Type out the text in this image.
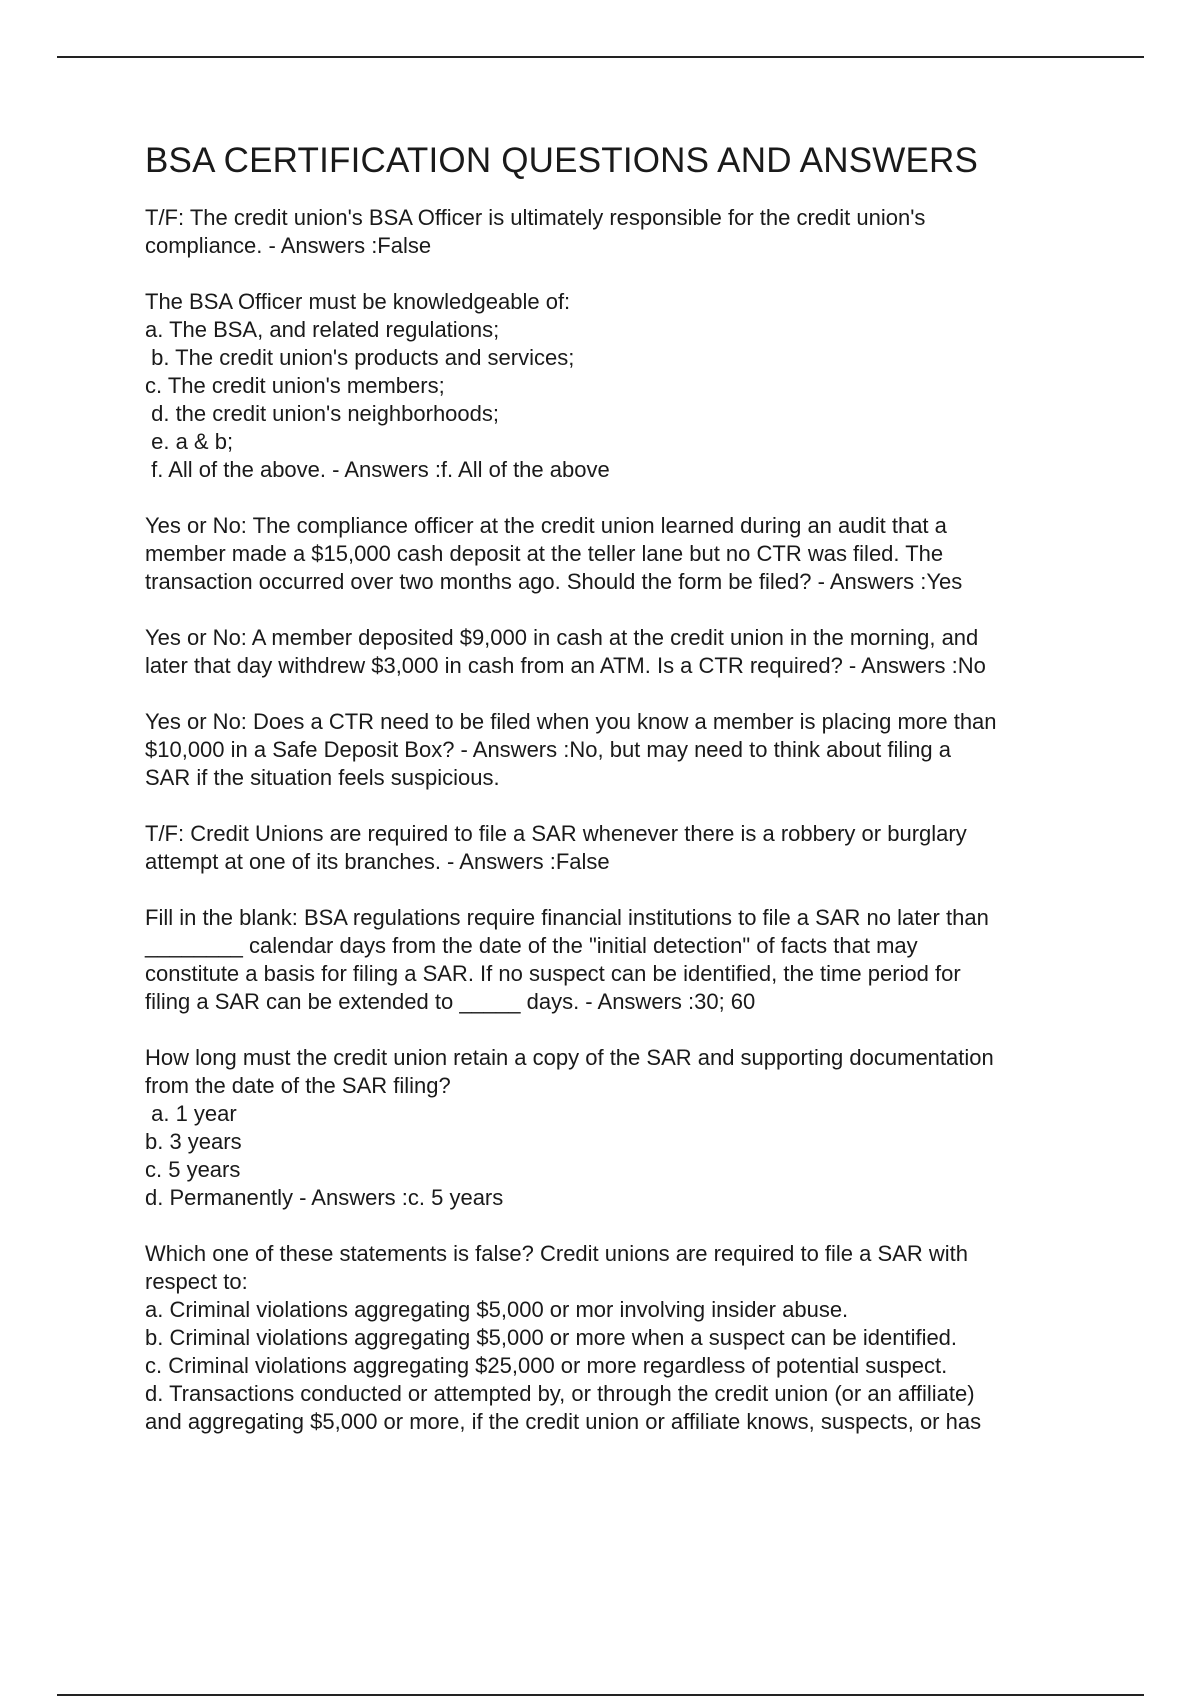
BSA CERTIFICATION QUESTIONS AND ANSWERS
T/F: The credit union's BSA Officer is ultimately responsible for the credit union's
compliance. - Answers :False
The BSA Officer must be knowledgeable of:
a. The BSA, and related regulations;
b. The credit union's products and services;
c. The credit union's members;
d. the credit union's neighborhoods;
e. a & b;
f. All of the above. - Answers :f. All of the above
Yes or No: The compliance officer at the credit union learned during an audit that a
member made a $15,000 cash deposit at the teller lane but no CTR was filed. The
transaction occurred over two months ago. Should the form be filed? - Answers :Yes
Yes or No: A member deposited $9,000 in cash at the credit union in the morning, and
later that day withdrew $3,000 in cash from an ATM. Is a CTR required? - Answers :No
Yes or No: Does a CTR need to be filed when you know a member is placing more than
$10,000 in a Safe Deposit Box? - Answers :No, but may need to think about filing a
SAR if the situation feels suspicious.
T/F: Credit Unions are required to file a SAR whenever there is a robbery or burglary
attempt at one of its branches. - Answers :False
Fill in the blank: BSA regulations require financial institutions to file a SAR no later than
________ calendar days from the date of the "initial detection" of facts that may
constitute a basis for filing a SAR. If no suspect can be identified, the time period for
filing a SAR can be extended to _____ days. - Answers :30; 60
How long must the credit union retain a copy of the SAR and supporting documentation
from the date of the SAR filing?
a. 1 year
b. 3 years
c. 5 years
d. Permanently - Answers :c. 5 years
Which one of these statements is false? Credit unions are required to file a SAR with
respect to:
a. Criminal violations aggregating $5,000 or mor involving insider abuse.
b. Criminal violations aggregating $5,000 or more when a suspect can be identified.
c. Criminal violations aggregating $25,000 or more regardless of potential suspect.
d. Transactions conducted or attempted by, or through the credit union (or an affiliate)
and aggregating $5,000 or more, if the credit union or affiliate knows, suspects, or has
